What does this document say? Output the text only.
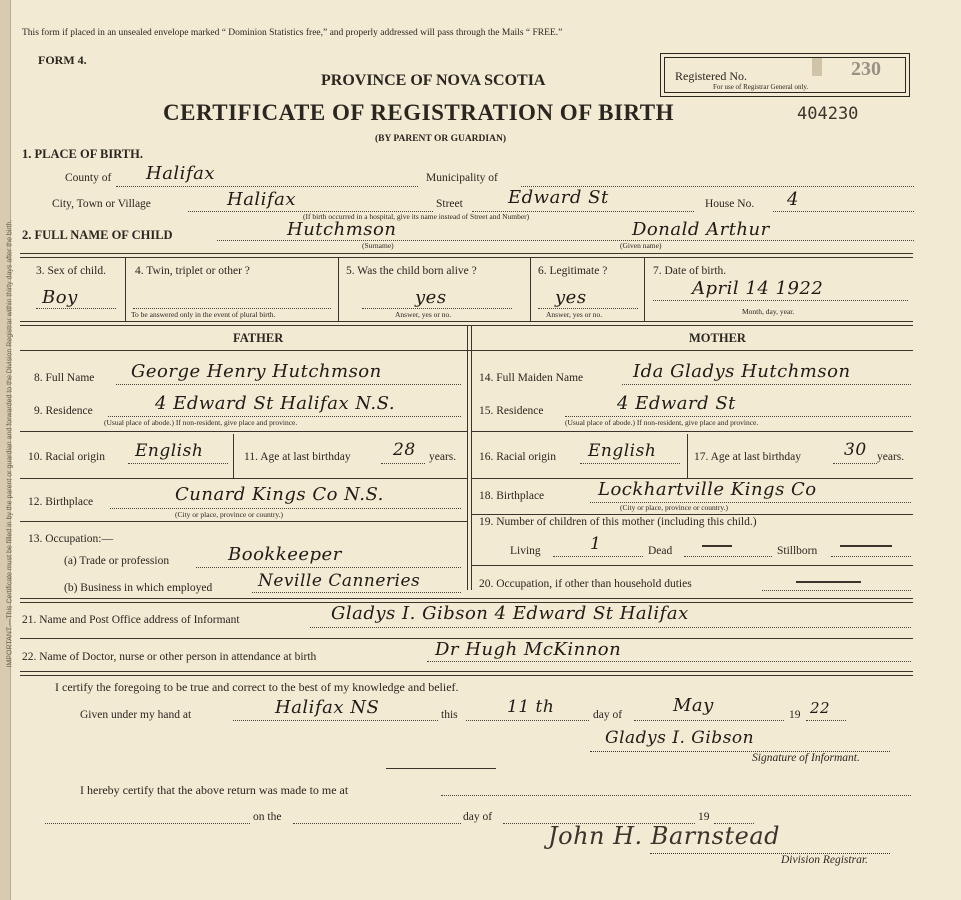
IMPORTANT.—This Certificate must be filled in by the parent or guardian and forwarded to the Division Registrar within thirty days after the birth.
This form if placed in an unsealed envelope marked “ Dominion Statistics free,” and properly addressed will pass through the Mails “ FREE.”
FORM 4.
Registered No.
For use of Registrar General only.
230
PROVINCE OF NOVA SCOTIA
CERTIFICATE OF REGISTRATION OF BIRTH	404230
(BY PARENT OR GUARDIAN)
1. PLACE OF BIRTH.
County of Halifax	Municipality of
City, Town or Village	Halifax	Street	Edward St	House No. 4
(If birth occurred in a hospital, give its name instead of Street and Number)
2. FULL NAME OF CHILD	Hutchmson	Donald Arthur
(Surname)	(Given name)
3. Sex of child.
Boy
4. Twin, triplet or other ?
To be answered only in the event of plural birth.
5. Was the child born alive ?
yes
Answer, yes or no.
6. Legitimate ?
yes
Answer, yes or no.
7. Date of birth.
April 14 1922
Month, day, year.
FATHER	MOTHER
8. Full Name George Henry Hutchmson
9. Residence	4 Edward St Halifax N.S.
(Usual place of abode.) If non-resident, give place and province.
10. Racial origin English	11. Age at last birthday 28 years.
12. Birthplace	Cunard Kings Co N.S.
(City or place, province or country.)
13. Occupation:—
(a) Trade or profession	Bookkeeper
(b) Business in which employed	Neville Canneries
14. Full Maiden Name	Ida Gladys Hutchmson
15. Residence	4 Edward St
(Usual place of abode.) If non-resident, give place and province.
16. Racial origin English	17. Age at last birthday	30 years.
18. Birthplace	Lockhartville Kings Co
(City or place, province or country.)
19. Number of children of this mother (including this child.)
Living	1	Dead	Stillborn
20. Occupation, if other than household duties
21. Name and Post Office address of Informant	Gladys I. Gibson 4 Edward St Halifax
22. Name of Doctor, nurse or other person in attendance at birth	Dr Hugh McKinnon
I certify the foregoing to be true and correct to the best of my knowledge and belief.
Given under my hand at	Halifax NS	this	11 th	day of	May	19 22
Gladys I. Gibson
Signature of Informant.
I hereby certify that the above return was made to me at
on the	day of	19
John H. Barnstead
Division Registrar.
